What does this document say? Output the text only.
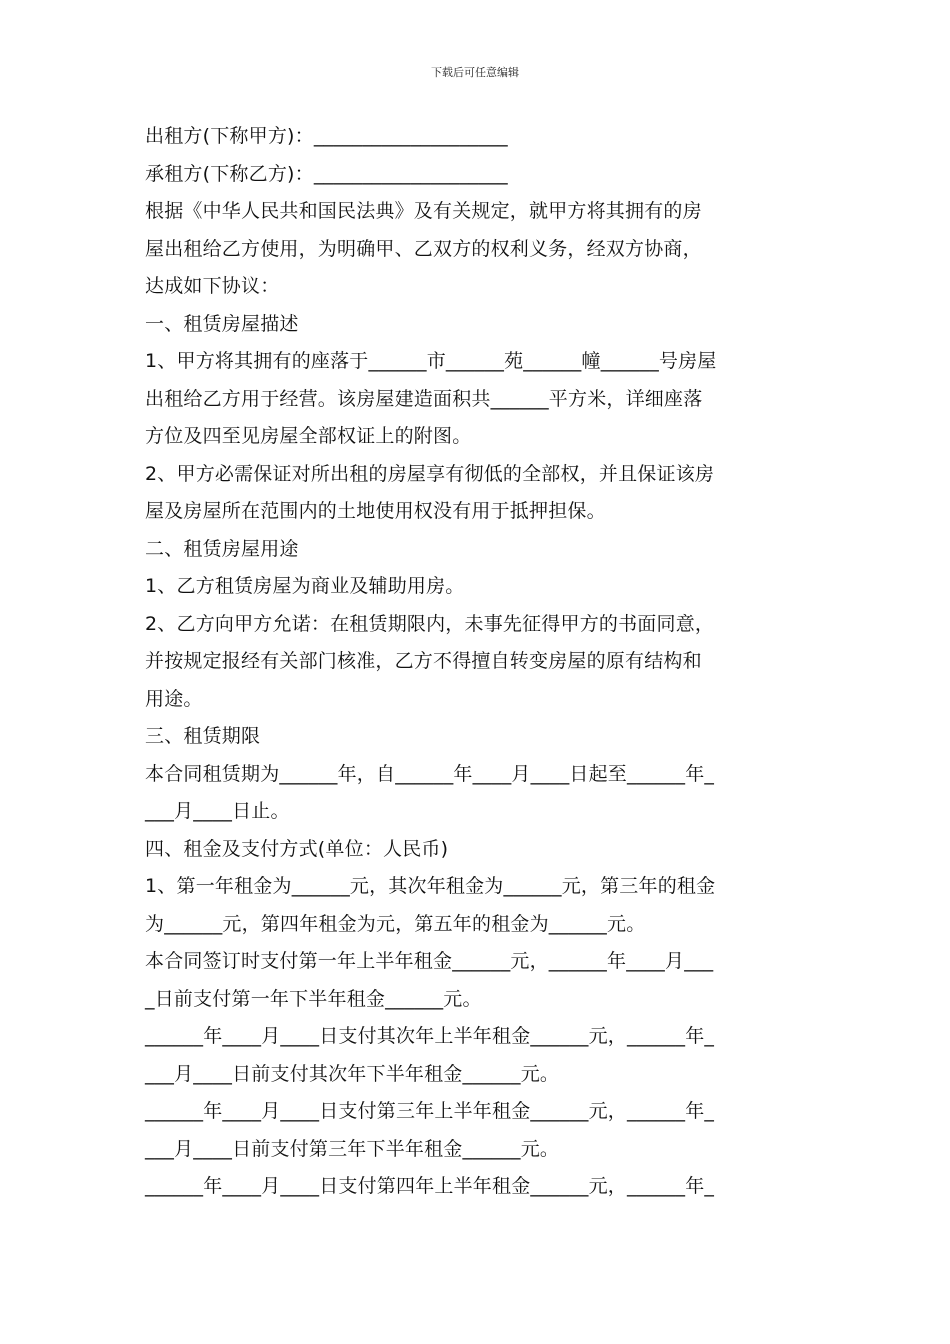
下载后可任意编辑
出租方(下称甲方)：____________________
承租方(下称乙方)：____________________
根据《中华人民共和国民法典》及有关规定，就甲方将其拥有的房
屋出租给乙方使用，为明确甲、乙双方的权利义务，经双方协商，
达成如下协议：
一、租赁房屋描述
1、甲方将其拥有的座落于______市______苑______幢______号房屋
出租给乙方用于经营。该房屋建造面积共______平方米，详细座落
方位及四至见房屋全部权证上的附图。
2、甲方必需保证对所出租的房屋享有彻低的全部权，并且保证该房
屋及房屋所在范围内的土地使用权没有用于抵押担保。
二、租赁房屋用途
1、乙方租赁房屋为商业及辅助用房。
2、乙方向甲方允诺：在租赁期限内，未事先征得甲方的书面同意，
并按规定报经有关部门核准，乙方不得擅自转变房屋的原有结构和
用途。
三、租赁期限
本合同租赁期为______年，自______年____月____日起至______年_
___月____日止。
四、租金及支付方式(单位：人民币)
1、第一年租金为______元，其次年租金为______元，第三年的租金
为______元，第四年租金为元，第五年的租金为______元。
本合同签订时支付第一年上半年租金______元，______年____月___
_日前支付第一年下半年租金______元。
______年____月____日支付其次年上半年租金______元，______年_
___月____日前支付其次年下半年租金______元。
______年____月____日支付第三年上半年租金______元，______年_
___月____日前支付第三年下半年租金______元。
______年____月____日支付第四年上半年租金______元，______年_
